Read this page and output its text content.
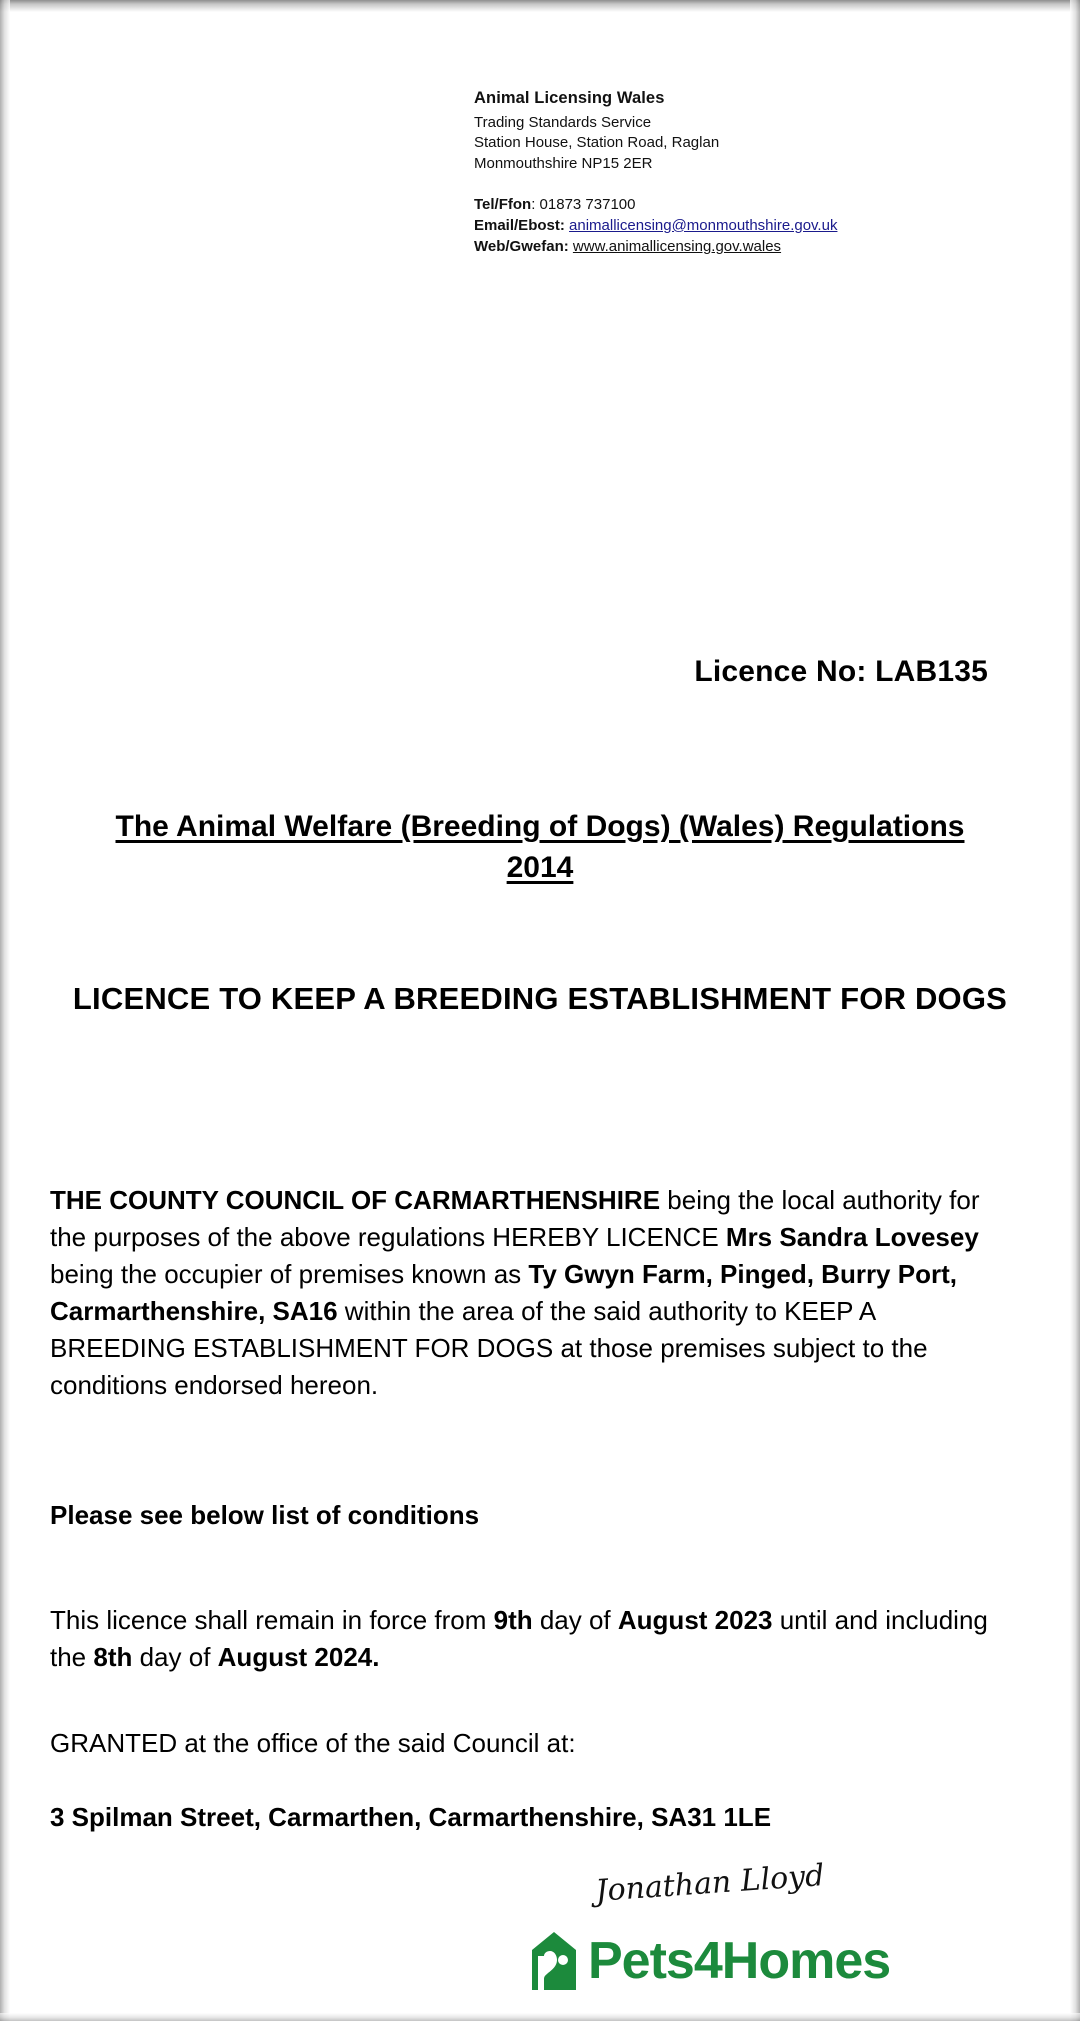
Animal Licensing Wales
Trading Standards Service
Station House, Station Road, Raglan
Monmouthshire NP15 2ER
Tel/Ffon: 01873 737100
Email/Ebost: animallicensing@monmouthshire.gov.uk
Web/Gwefan: www.animallicensing.gov.wales
Licence No: LAB135
The Animal Welfare (Breeding of Dogs) (Wales) Regulations 2014
LICENCE TO KEEP A BREEDING ESTABLISHMENT FOR DOGS
THE COUNTY COUNCIL OF CARMARTHENSHIRE being the local authority for the purposes of the above regulations HEREBY LICENCE Mrs Sandra Lovesey being the occupier of premises known as Ty Gwyn Farm, Pinged, Burry Port, Carmarthenshire, SA16 within the area of the said authority to KEEP A BREEDING ESTABLISHMENT FOR DOGS at those premises subject to the conditions endorsed hereon.
Please see below list of conditions
This licence shall remain in force from 9th day of August 2023 until and including the 8th day of August 2024.
GRANTED at the office of the said Council at:
3 Spilman Street, Carmarthen, Carmarthenshire, SA31 1LE
Jonathan Lloyd
Pets4Homes
